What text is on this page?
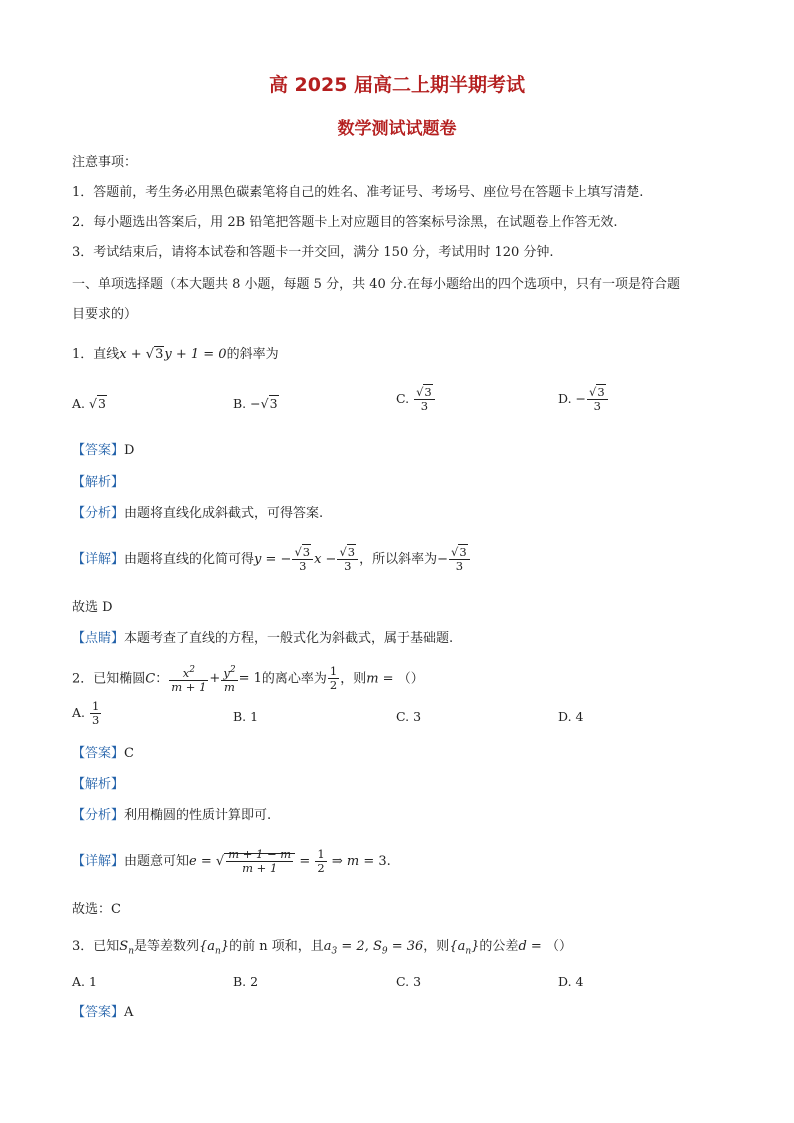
高 2025 届高二上期半期考试
数学测试试题卷
注意事项：
1．答题前，考生务必用黑色碳素笔将自己的姓名、准考证号、考场号、座位号在答题卡上填写清楚.
2．每小题选出答案后，用 2B 铅笔把答题卡上对应题目的答案标号涂黑，在试题卷上作答无效.
3．考试结束后，请将本试卷和答题卡一并交回，满分 150 分，考试用时 120 分钟.
一、单项选择题（本大题共 8 小题，每题 5 分，共 40 分.在每小题给出的四个选项中，只有一项是符合题
目要求的）
1．直线x + √3y + 1 = 0的斜率为
A. √3	B. −√3	C. $\frac{√3}{3}$	D. − $\frac{√3}{3}$
【答案】D
【解析】
【分析】由题将直线化成斜截式，可得答案.
【详解】由题将直线的化简可得y = − $\frac{√3}{3}$ $x - \frac{√3}{3}$ ，所以斜率为− $\frac{√3}{3}$
故选 D
【点睛】本题考查了直线的方程，一般式化为斜截式，属于基础题.
2．已知椭圆C： $\frac{x^2}{m + 1} + \frac{y^2}{m} = 1$的离心率为 $\frac{1}{2}$ ，则m = （）
A. $\frac{1}{3}$	B. 1	C. 3	D. 4
【答案】C
【解析】
【分析】利用椭圆的性质计算即可.
【详解】由题意可知e = √ $\frac{m + 1 - m}{m + 1} = \frac{1}{2}$ ⇒ m = 3.
故选：C
3．已知$S_n$是等差数列$\{a_n\}$的前 n 项和，且$a_3 = 2$, $S_9 = 36$，则$\{a_n\}$的公差d = （）
A. 1	B. 2	C. 3	D. 4
【答案】A
